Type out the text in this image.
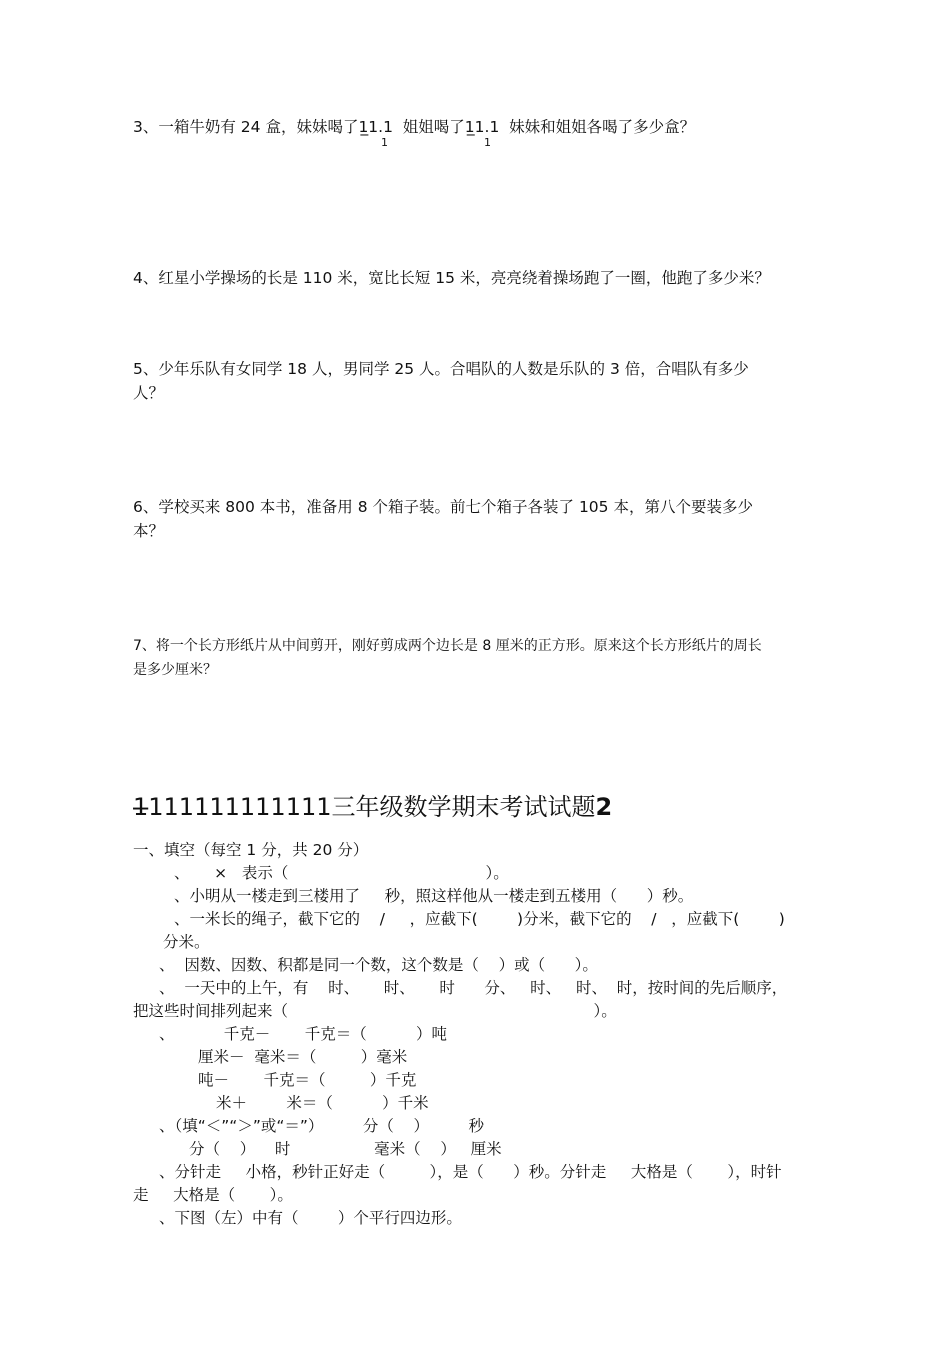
3、一箱牛奶有 24 盒，妹妹喝了1̲1.1  姐姐喝了1̲1.1  妹妹和姐姐各喝了多少盒？
1	1
4、红星小学操场的长是 110 米，宽比长短 15 米，亮亮绕着操场跑了一圈，他跑了多少米？
5、少年乐队有女同学 18 人，男同学 25 人。合唱队的人数是乐队的 3 倍，合唱队有多少
人？
6、学校买来 800 本书，准备用 8 个箱子装。前七个箱子各装了 105 本，第八个要装多少
本？
7、将一个长方形纸片从中间剪开，刚好剪成两个边长是 8 厘米的正方形。原来这个长方形纸片的周长
是多少厘米？
1̶111111111111三年级数学期末考试试题2
一、填空（每空 1 分，共 20 分）
、     ×   表示（                                        ）。
、小明从一楼走到三楼用了     秒，照这样他从一楼走到五楼用（      ）秒。
、一米长的绳子，截下它的    /     ，应截下(        )分米，截下它的    /   ，应截下(        )
分米。
、  因数、因数、积都是同一个数，这个数是（    ）或（      ）。
、  一天中的上午，有    时、     时、     时      分、   时、   时、  时，按时间的先后顺序，
把这些时间排列起来（                                                              ）。
、          千克－       千克＝（          ）吨
厘米－  毫米＝（         ）毫米
吨－       千克＝（         ）千克
米＋        米＝（          ）千米
、（填“＜”“＞”或“＝”）        分（    ）        秒
分（    ）    时                 毫米（    ）   厘米
、分针走     小格，秒针正好走（         ），是（      ）秒。分针走     大格是（       ），时针
走     大格是（       ）。
、下图（左）中有（        ）个平行四边形。
